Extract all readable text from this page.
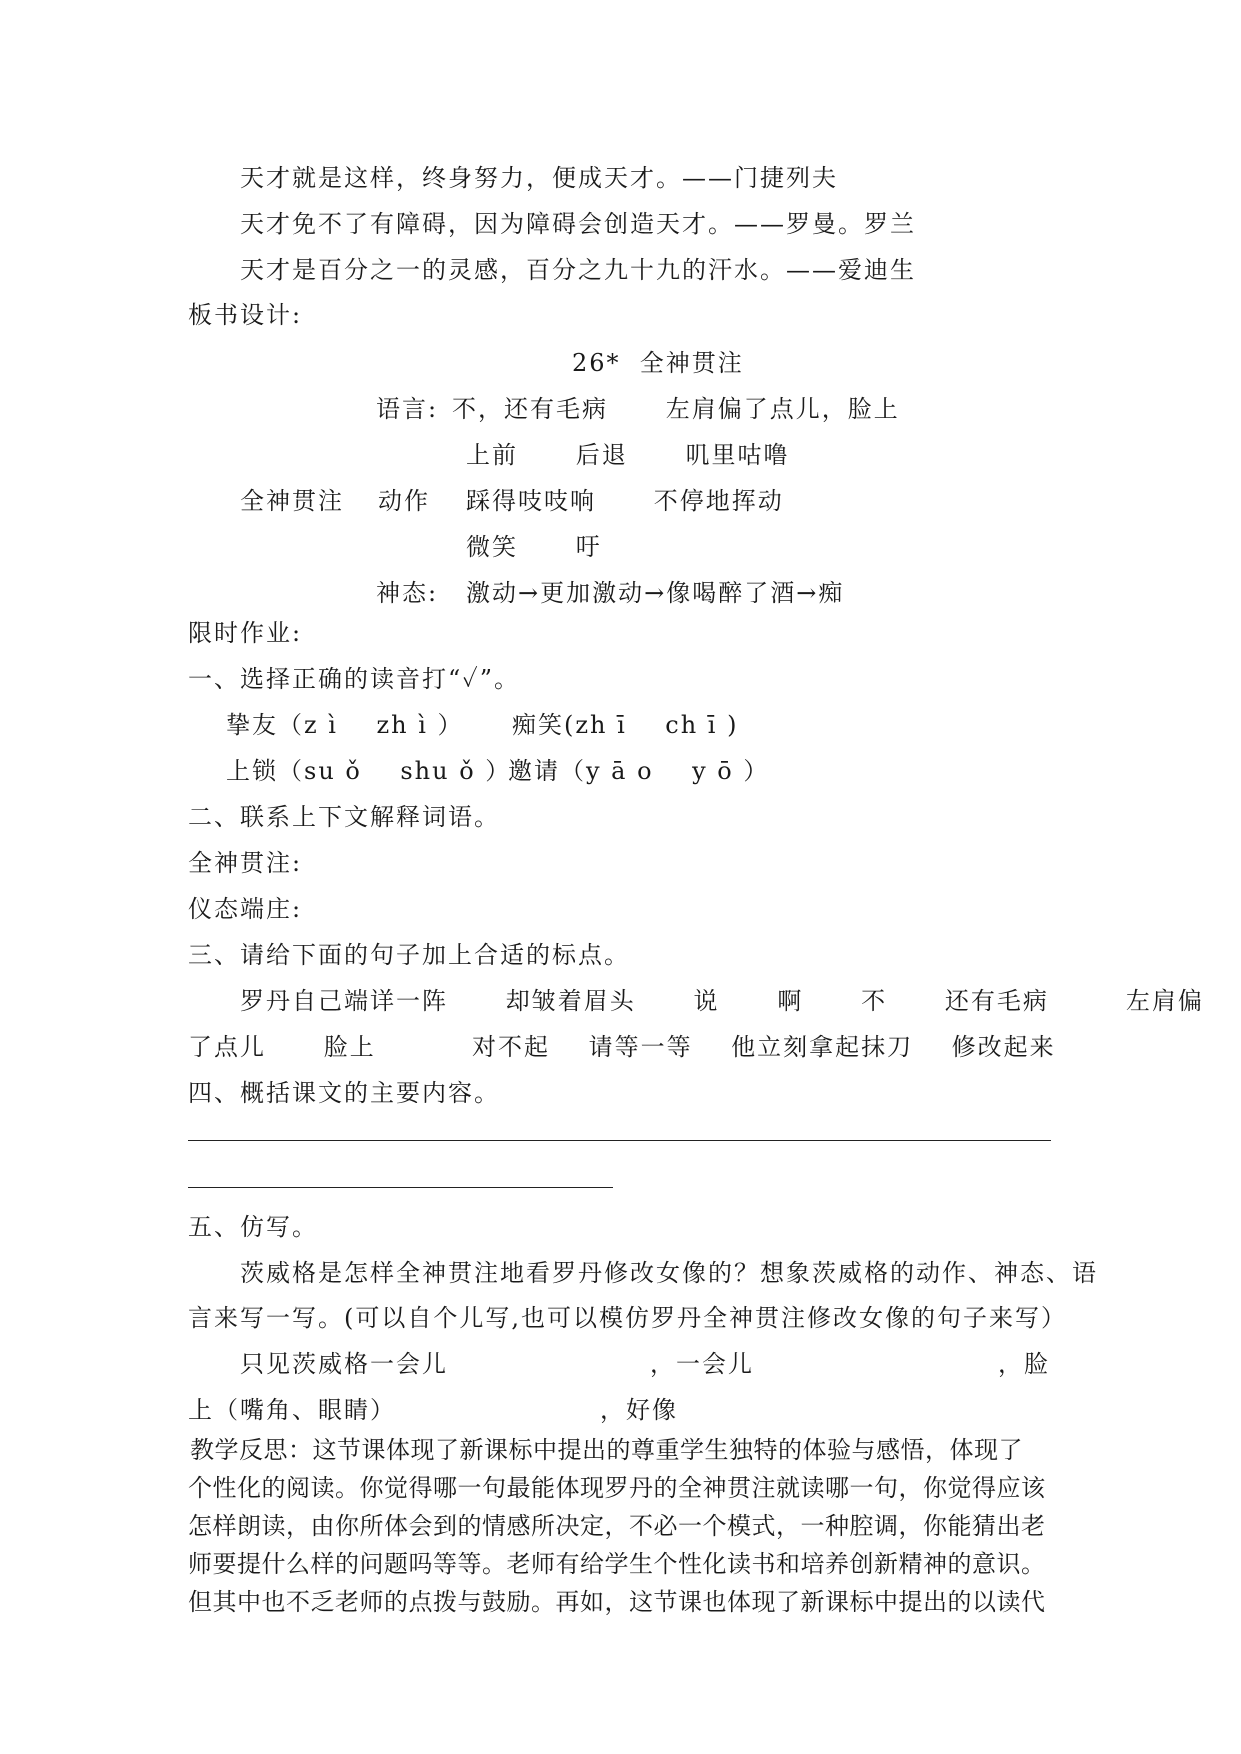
天才就是这样，终身努力，便成天才。——门捷列夫
天才免不了有障碍，因为障碍会创造天才。——罗曼。罗兰
天才是百分之一的灵感，百分之九十九的汗水。——爱迪生
板书设计:
26*  全神贯注
语言: 不，还有毛病      左肩偏了点儿，脸上
上前      后退      叽里咕噜
全神贯注 动作 踩得吱吱响      不停地挥动
微笑      吁
神态: 激动→更加激动→像喝醉了酒→痴
限时作业:
一、选择正确的读音打“✓”。
挚友（z ì    zh ì ） 痴笑(zh ī    ch ī )
上锁（su ǒ    shu ǒ ）
邀请（y ā o    y ō ）
二、联系上下文解释词语。
全神贯注:
仪态端庄:
三、请给下面的句子加上合适的标点。
罗丹自己端详一阵      却皱着眉头      说      啊      不      还有毛病        左肩偏
了点儿      脸上          对不起    请等一等    他立刻拿起抹刀    修改起来
四、概括课文的主要内容。
五、仿写。
茨威格是怎样全神贯注地看罗丹修改女像的？想象茨威格的动作、神态、语
言来写一写。(可以自个儿写,也可以模仿罗丹全神贯注修改女像的句子来写）
只见茨威格一会儿	，一会儿	，脸
上（嘴角、眼睛）	，好像
教学反思：这节课体现了新课标中提出的尊重学生独特的体验与感悟，体现了
个性化的阅读。你觉得哪一句最能体现罗丹的全神贯注就读哪一句，你觉得应该
怎样朗读，由你所体会到的情感所决定，不必一个模式，一种腔调，你能猜出老
师要提什么样的问题吗等等。老师有给学生个性化读书和培养创新精神的意识。
但其中也不乏老师的点拨与鼓励。再如，这节课也体现了新课标中提出的以读代
